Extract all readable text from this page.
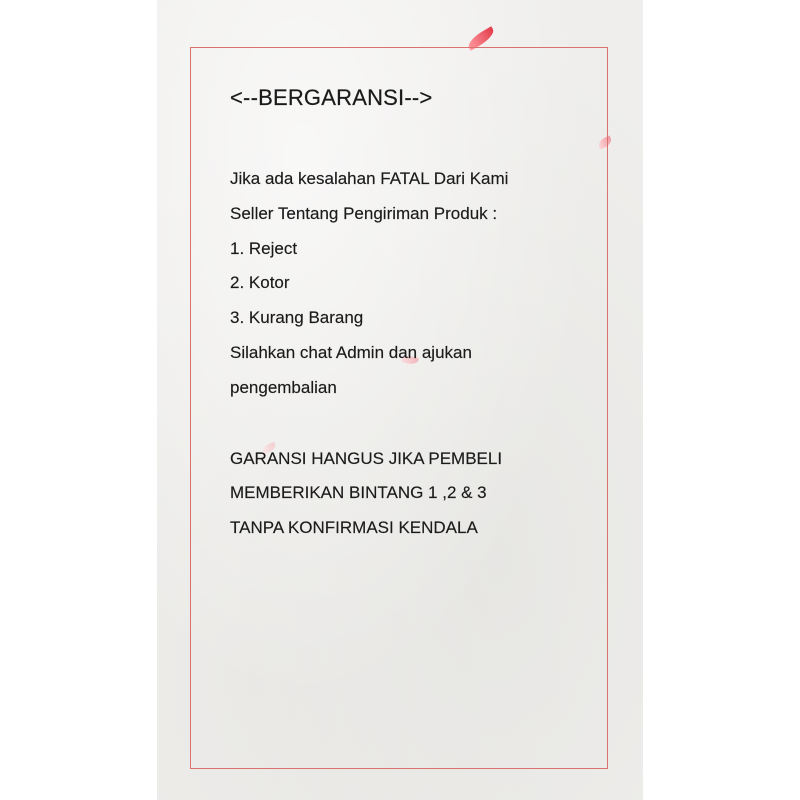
<--BERGARANSI-->

Jika ada kesalahan FATAL Dari Kami
Seller Tentang Pengiriman Produk :
1. Reject
2. Kotor
3. Kurang Barang
Silahkan chat Admin dan ajukan
pengembalian

GARANSI HANGUS JIKA PEMBELI
MEMBERIKAN BINTANG 1 ,2 & 3
TANPA KONFIRMASI KENDALA
